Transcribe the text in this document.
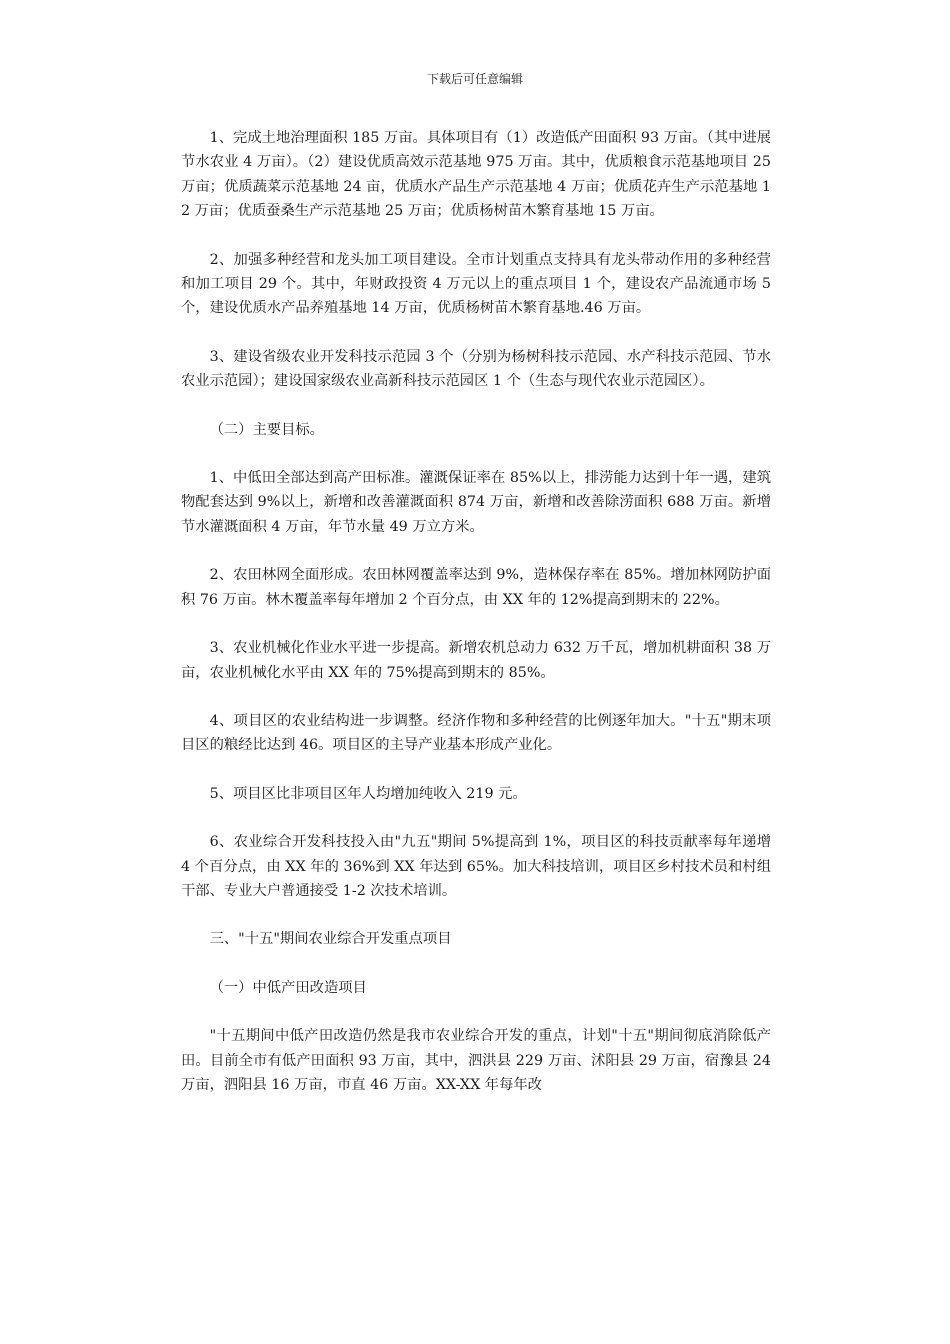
下载后可任意编辑

1、完成土地治理面积 185 万亩。具体项目有（1）改造低产田面积 93 万亩。（其中进展节水农业 4 万亩）。（2）建设优质高效示范基地 975 万亩。其中，优质粮食示范基地项目 25 万亩；优质蔬菜示范基地 24 亩，优质水产品生产示范基地 4 万亩；优质花卉生产示范基地 12 万亩；优质蚕桑生产示范基地 25 万亩；优质杨树苗木繁育基地 15 万亩。

2、加强多种经营和龙头加工项目建设。全市计划重点支持具有龙头带动作用的多种经营和加工项目 29 个。其中，年财政投资 4 万元以上的重点项目 1 个，建设农产品流通市场 5 个，建设优质水产品养殖基地 14 万亩，优质杨树苗木繁育基地.46 万亩。

3、建设省级农业开发科技示范园 3 个（分别为杨树科技示范园、水产科技示范园、节水农业示范园）；建设国家级农业高新科技示范园区 1 个（生态与现代农业示范园区）。

（二）主要目标。

1、中低田全部达到高产田标准。灌溉保证率在 85%以上，排涝能力达到十年一遇，建筑物配套达到 9%以上，新增和改善灌溉面积 874 万亩，新增和改善除涝面积 688 万亩。新增节水灌溉面积 4 万亩，年节水量 49 万立方米。

2、农田林网全面形成。农田林网覆盖率达到 9%，造林保存率在 85%。增加林网防护面积 76 万亩。林木覆盖率每年增加 2 个百分点，由 XX 年的 12%提高到期末的 22%。

3、农业机械化作业水平进一步提高。新增农机总动力 632 万千瓦，增加机耕面积 38 万亩，农业机械化水平由 XX 年的 75%提高到期末的 85%。

4、项目区的农业结构进一步调整。经济作物和多种经营的比例逐年加大。"十五"期末项目区的粮经比达到 46。项目区的主导产业基本形成产业化。

5、项目区比非项目区年人均增加纯收入 219 元。

6、农业综合开发科技投入由"九五"期间 5%提高到 1%，项目区的科技贡献率每年递增 4 个百分点，由 XX 年的 36%到 XX 年达到 65%。加大科技培训，项目区乡村技术员和村组干部、专业大户普通接受 1-2 次技术培训。

三、"十五"期间农业综合开发重点项目

（一）中低产田改造项目

"十五期间中低产田改造仍然是我市农业综合开发的重点，计划"十五"期间彻底消除低产田。目前全市有低产田面积 93 万亩，其中，泗洪县 229 万亩、沭阳县 29 万亩，宿豫县 24 万亩，泗阳县 16 万亩，市直 46 万亩。XX-XX 年每年改
